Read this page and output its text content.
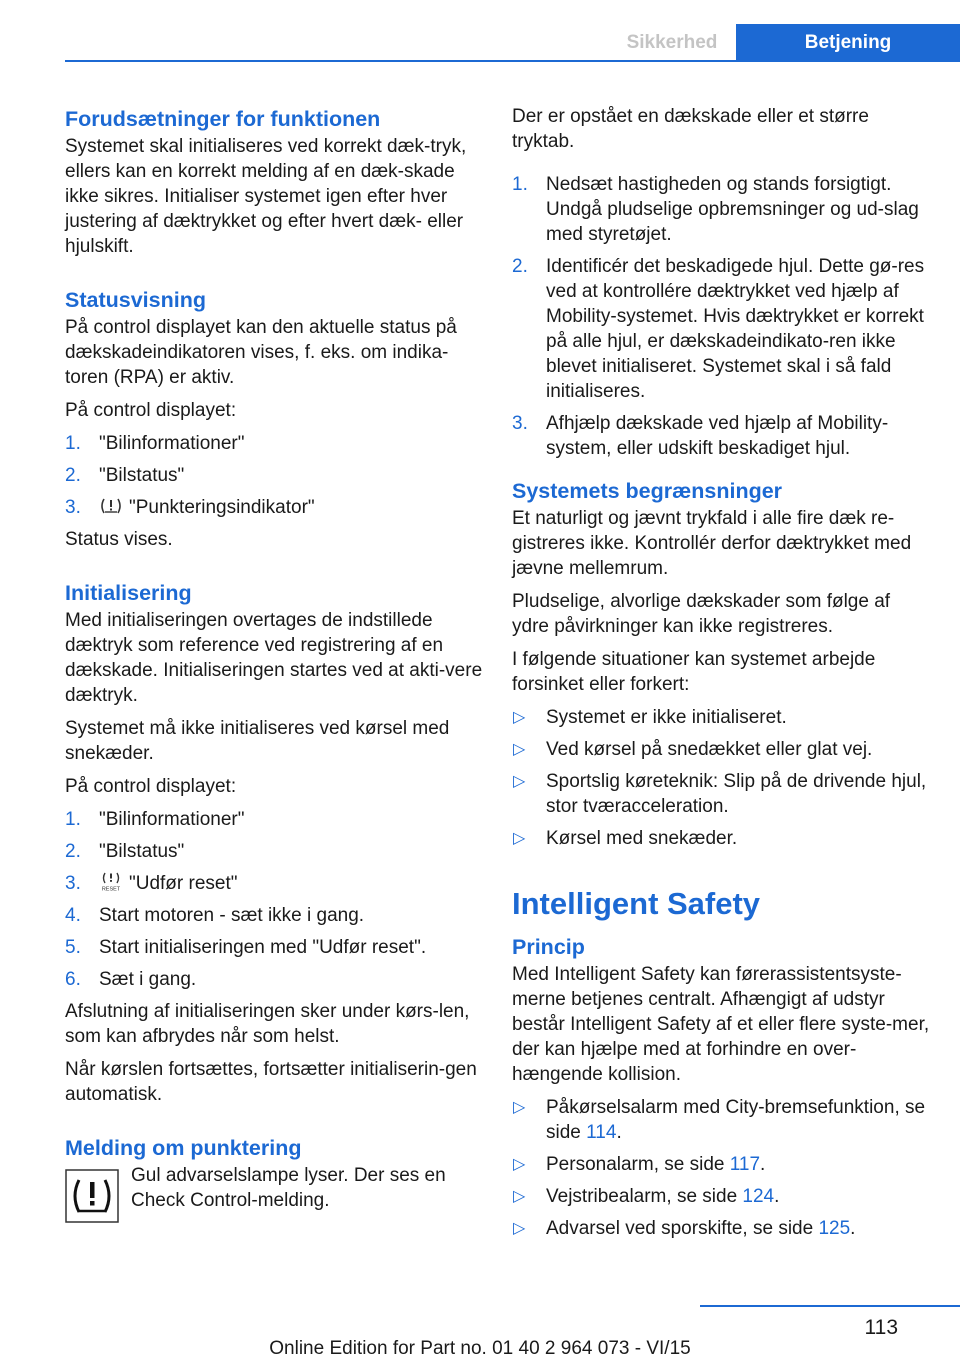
Sikkerhed	Betjening
Forudsætninger for funktionen

Systemet skal initialiseres ved korrekt dæk-tryk, ellers kan en korrekt melding af en dæk-skade ikke sikres. Initialiser systemet igen efter hver justering af dæktrykket og efter hvert dæk- eller hjulskift.

Statusvisning

På control displayet kan den aktuelle status på dækskadeindikatoren vises, f. eks. om indika-toren (RPA) er aktiv.

På control displayet:

1. "Bilinformationer"
2. "Bilstatus"
3.	"Punkteringsindikator"

Status vises.

Initialisering

Med initialiseringen overtages de indstillede dæktryk som reference ved registrering af en dækskade. Initialiseringen startes ved at akti-vere dæktryk.

Systemet må ikke initialiseres ved kørsel med snekæder.

På control displayet:

1. "Bilinformationer"
2. "Bilstatus"
3.	RESET "Udfør reset"
4. Start motoren - sæt ikke i gang.
5. Start initialiseringen med "Udfør reset".
6. Sæt i gang.

Afslutning af initialiseringen sker under kørs-len, som kan afbrydes når som helst.

Når kørslen fortsættes, fortsætter initialiserin-gen automatisk.

Melding om punktering
Gul advarselslampe lyser. Der ses en Check Control-melding.

Der er opstået en dækskade eller et større tryktab.

1. Nedsæt hastigheden og stands forsigtigt. Undgå pludselige opbremsninger og ud-slag med styretøjet.
2. Identificér det beskadigede hjul. Dette gø-res ved at kontrollére dæktrykket ved hjælp af Mobility-systemet. Hvis dæktrykket er korrekt på alle hjul, er dækskadeindikato-ren ikke blevet initialiseret. Systemet skal i så fald initialiseres.
3. Afhjælp dækskade ved hjælp af Mobility-system, eller udskift beskadiget hjul.
Systemets begrænsninger

Et naturligt og jævnt trykfald i alle fire dæk re-gistreres ikke. Kontrollér derfor dæktrykket med jævne mellemrum.

Pludselige, alvorlige dækskader som følge af ydre påvirkninger kan ikke registreres.

I følgende situationer kan systemet arbejde forsinket eller forkert:

▷ Systemet er ikke initialiseret.
▷ Ved kørsel på snedækket eller glat vej.
▷ Sportslig køreteknik: Slip på de drivende hjul, stor tværacceleration.
▷ Kørsel med snekæder.
Intelligent Safety
Princip

Med Intelligent Safety kan førerassistentsyste-merne betjenes centralt. Afhængigt af udstyr består Intelligent Safety af et eller flere syste-mer, der kan hjælpe med at forhindre en over-hængende kollision.

▷ Påkørselsalarm med City-bremsefunktion, se side 114.
▷ Personalarm, se side 117.
▷ Vejstribealarm, se side 124.
▷ Advarsel ved sporskifte, se side 125.
113
Online Edition for Part no. 01 40 2 964 073 - VI/15
